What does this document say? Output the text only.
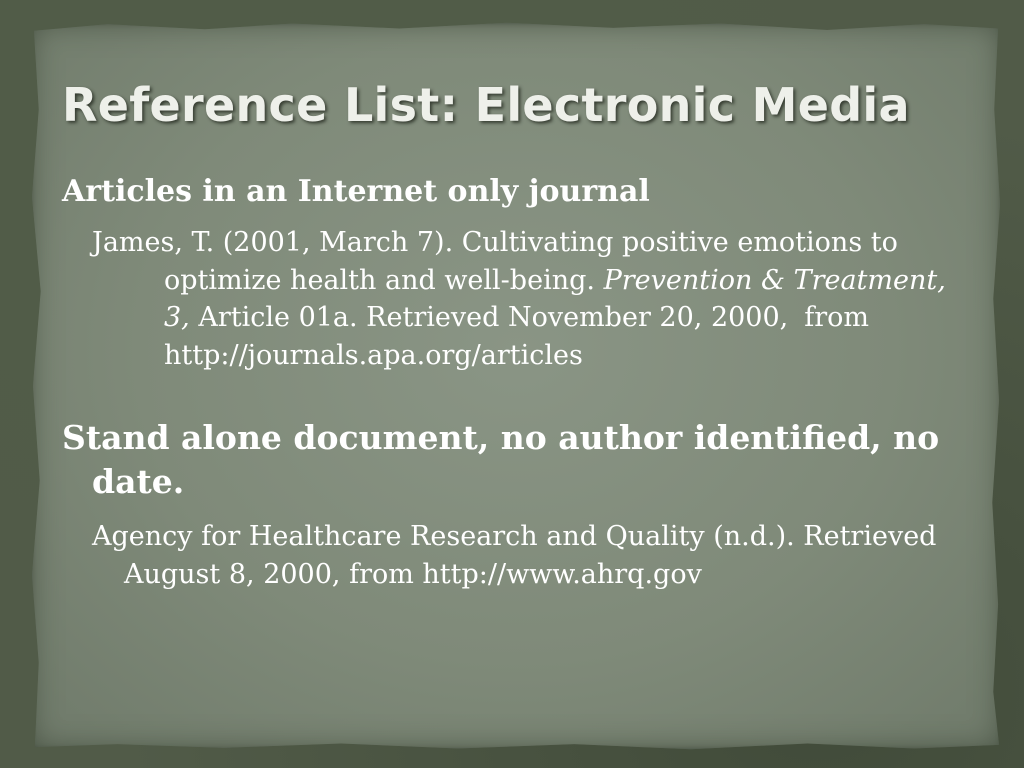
Reference List: Electronic Media

Articles in an Internet only journal

James, T. (2001, March 7). Cultivating positive emotions to optimize health and well-being. Prevention & Treatment, 3, Article 01a. Retrieved November 20, 2000, from http://journals.apa.org/articles

Stand alone document, no author identified, no date.

Agency for Healthcare Research and Quality (n.d.). RetrievedAugust 8, 2000, from http://www.ahrq.gov
